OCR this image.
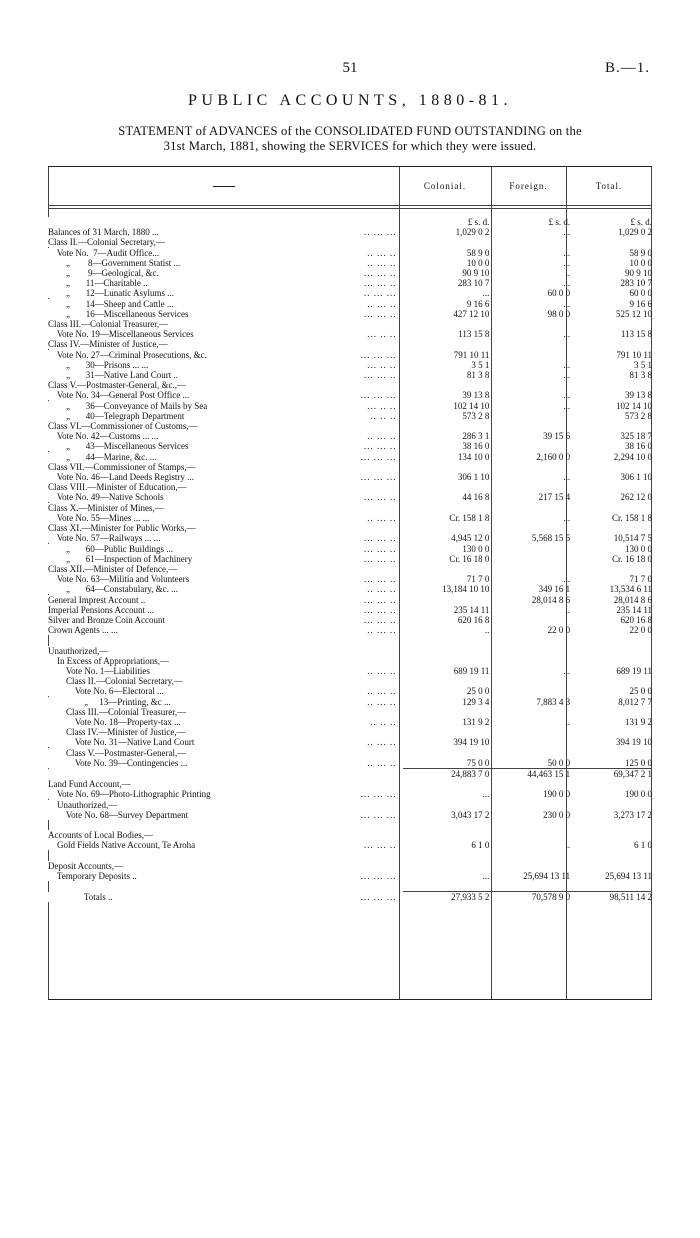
51	B.—1.
PUBLIC ACCOUNTS, 1880-81.
STATEMENT of ADVANCES of the CONSOLIDATED FUND OUTSTANDING on the
31st March, 1881, showing the SERVICES for which they were issued.
Colonial.	Foreign.	Total.
	£ s. d.	£ s. d.	£ s. d.
Balances of 31 March, 1880 ... .. ... ...	1,029 0 2	...	1,029 0 2
Class II.—Colonial Secretary,—			
Vote No.  7—Audit Office... .. ... ..	58 9 0	...	58 9 0
„        8—Government Statist ... .. ... ..	10 0 0	...	10 0 0
„        9—Geological, &c. ... ... ..	90 9 10	..	90 9 10
„       11—Charitable .. ... ... ..	283 10 7	...	283 10 7
„       12—Lunatic Asylums ... .. ... ...	...	60 0 0	60 0 0
„       14—Sheep and Cattle ... .. ... ..	9 16 6	...	9 16 6
„       16—Miscellaneous Services ... ... ..	427 12 10	98 0 0	525 12 10
Class III.—Colonial Treasurer,—			
Vote No. 19—Miscellaneous Services ... .. ..	113 15 8	...	113 15 8
Class IV.—Minister of Justice,—			
Vote No. 27—Criminal Prosecutions, &c. ... ... ...	791 10 11		791 10 11
„       30—Prisons ... ... ... .. ..	3 5 1	...	3 5 1
„       31—Native Land Court .. ... ... ..	81 3 8	...	81 3 8
Class V.—Postmaster-General, &c.,—			
Vote No. 34—General Post Office ... ... ... ...	39 13 8	...	39 13 8
„       36—Conveyance of Mails by Sea ... .. ..	102 14 10	...	102 14 10
„       40—Telegraph Department .. .. ..	573 2 8		573 2 8
Class VI.—Commissioner of Customs,—			
Vote No. 42—Customs ... ... .. ... ..	286 3 1	39 15 6	325 18 7
„       43—Miscellaneous Services ... ... ..	38 16 0		38 16 0
„       44—Marine, &c. ... ... ... ...	134 10 0	2,160 0 0	2,294 10 0
Class VII.—Commissioner of Stamps,—			
Vote No. 46—Land Deeds Registry ... ... ... ...	306 1 10	...	306 1 10
Class VIII.—Minister of Education,—			
Vote No. 49—Native Schools ... ... ..	44 16 8	217 15 4	262 12 0
Class X.—Minister of Mines,—			
Vote No. 55—Mines ... ... .. ... ..	Cr. 158 1 8	...	Cr. 158 1 8
Class XI.—Minister for Public Works,—			
Vote No. 57—Railways ... ... ... ... ..	4,945 12 0	5,568 15 5	10,514 7 5
„       60—Public Buildings ... ... ... ..	130 0 0		130 0 0
„       61—Inspection of Machinery ... ... ..	Cr. 16 18 0		Cr. 16 18 0
Class XII.—Minister of Defence,—			
Vote No. 63—Militia and Volunteers ... ... ..	71 7 0	...	71 7 0
„       64—Constabulary, &c. ... .. ... ..	13,184 10 10	349 16 1	13,534 6 11
General Imprest Account .. ... ... ..		28,014 8 6	28,014 8 6
Imperial Pensions Account ... ... ... ..	235 14 11	..	235 14 11
Silver and Bronze Coin Account ... ... ..	620 16 8		620 16 8
Crown Agents ... ... .. ... ..	..	22 0 0	22 0 0

Unauthorized,—			
In Excess of Appropriations,—			
Vote No. 1—Liabilities .. ... ..	689 19 11	...	689 19 11
Class II.—Colonial Secretary,—			
Vote No. 6—Electoral ... .. ... ..	25 0 0		25 0 0
„     13—Printing, &c ... .. ... ..	129 3 4	7,883 4 3	8,012 7 7
Class III.—Colonial Treasurer,—			
Vote No. 18—Property-tax ... .. .. ..	131 9 2	..	131 9 2
Class IV.—Minister of Justice,—			
Vote No. 31—Native Land Court .. ... ..	394 19 10		394 19 10
Class V.—Postmaster-General,—			
Vote No. 39—Contingencies ... .. ... ..	75 0 0	50 0 0	125 0 0
	24,883 7 0	44,463 15 1	69,347 2 1
Land Fund Account,—			
Vote No. 69—Photo-Lithographic Printing ... ... ...	...	190 0 0	190 0 0
Unauthorized,—			
Vote No. 68—Survey Department ... ... ...	3,043 17 2	230 0 0	3,273 17 2

Accounts of Local Bodies,—			
Gold Fields Native Account, Te Aroha ... ... ..	6 1 0	..	6 1 0

Deposit Accounts,—			
Temporary Deposits .. ... ... ...	...	25,694 13 11	25,694 13 11

Totals .. ... ... ...	27,933 5 2	70,578 9 0	98,511 14 2
